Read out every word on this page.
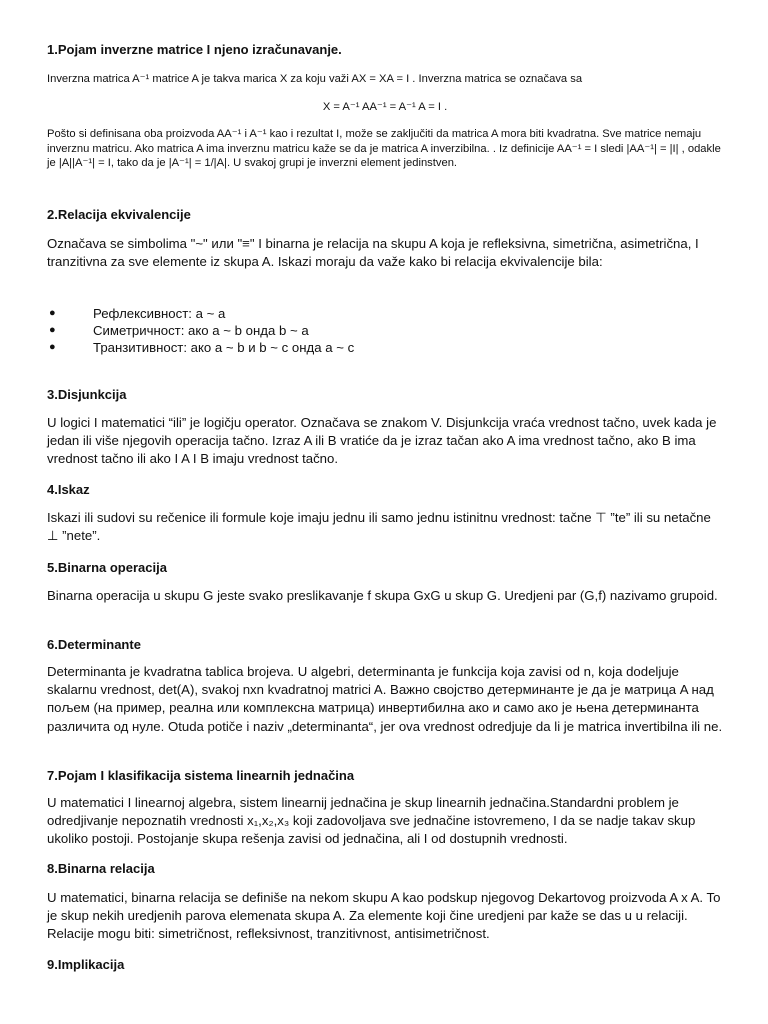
1.Pojam inverzne matrice I njeno izračunavanje.
Inverzna matrica A⁻¹ matrice A je takva marica X za koju važi AX = XA = I . Inverzna matrica se označava sa
X = A⁻¹ AA⁻¹ = A⁻¹ A = I .
Pošto si definisana oba proizvoda AA⁻¹ i A⁻¹ kao i rezultat I, može se zaključiti da matrica A mora biti kvadratna. Sve matrice nemaju inverznu matricu. Ako matrica A ima inverznu matricu kaže se da je matrica A inverzibilna. . Iz definicije AA⁻¹ = I sledi |AA⁻¹| = |I| , odakle je |A||A⁻¹| = I, tako da je |A⁻¹| = 1/|A|. U svakoj grupi je inverzni element jedinstven.
2.Relacija ekvivalencije
Označava se simbolima "~" или "≡" I binarna je relacija na skupu A koja je refleksivna, simetrična, asimetrična, I tranzitivna za sve elemente iz skupa A. Iskazi moraju da važe kako bi relacija ekvivalencije bila:
●	Рефлексивност: a ~ a
●	Симетричност: ако a ~ b онда b ~ a
●	Транзитивност: ако a ~ b и b ~ c онда a ~ c
3.Disjunkcija
U logici I matematici “ili” je logičju operator. Označava se znakom V. Disjunkcija vraća vrednost tačno, uvek kada je jedan ili više njegovih operacija tačno. Izraz A ili B vratiće da je izraz tačan ako A ima vrednost tačno, ako B ima vrednost tačno ili ako I A I B imaju vrednost tačno.
4.Iskaz
Iskazi ili sudovi su rečenice ili formule koje imaju jednu ili samo jednu istinitnu vrednost: tačne ⊤ ”te” ili su netačne ⊥ ”nete”.
5.Binarna operacija
Binarna operacija u skupu G jeste svako preslikavanje f skupa GxG u skup G. Uredjeni par (G,f) nazivamo grupoid.
6.Determinante
Determinanta je kvadratna tablica brojeva. U algebri, determinanta je funkcija koja zavisi od n, koja dodeljuje skalarnu vrednost, det(A), svakoj nxn kvadratnoj matrici A. Важно својство детерминанте је да је матрица A над пољем (на пример, реална или комплексна матрица) инвертибилна ако и само ако је њена детерминанта различита од нуле. Otuda potiče i naziv „determinanta“, jer ova vrednost odredjuje da li je matrica invertibilna ili ne.
7.Pojam I klasifikacija sistema linearnih jednačina
U matematici I linearnoj algebra, sistem linearnij jednačina je skup linearnih jednačina.Standardni problem je odredjivanje nepoznatih vrednosti x₁,x₂,x₃ koji zadovoljava sve jednačine istovremeno, I da se nadje takav skup ukoliko postoji. Postojanje skupa rešenja zavisi od jednačina, ali I od dostupnih vrednosti.
8.Binarna relacija
U matematici, binarna relacija se definiše na nekom skupu A kao podskup njegovog Dekartovog proizvoda A x A. To je skup nekih uredjenih parova elemenata skupa A. Za elemente koji čine uredjeni par kaže se das u u relaciji. Relacije mogu biti: simetričnost, refleksivnost, tranzitivnost, antisimetričnost.
9.Implikacija
